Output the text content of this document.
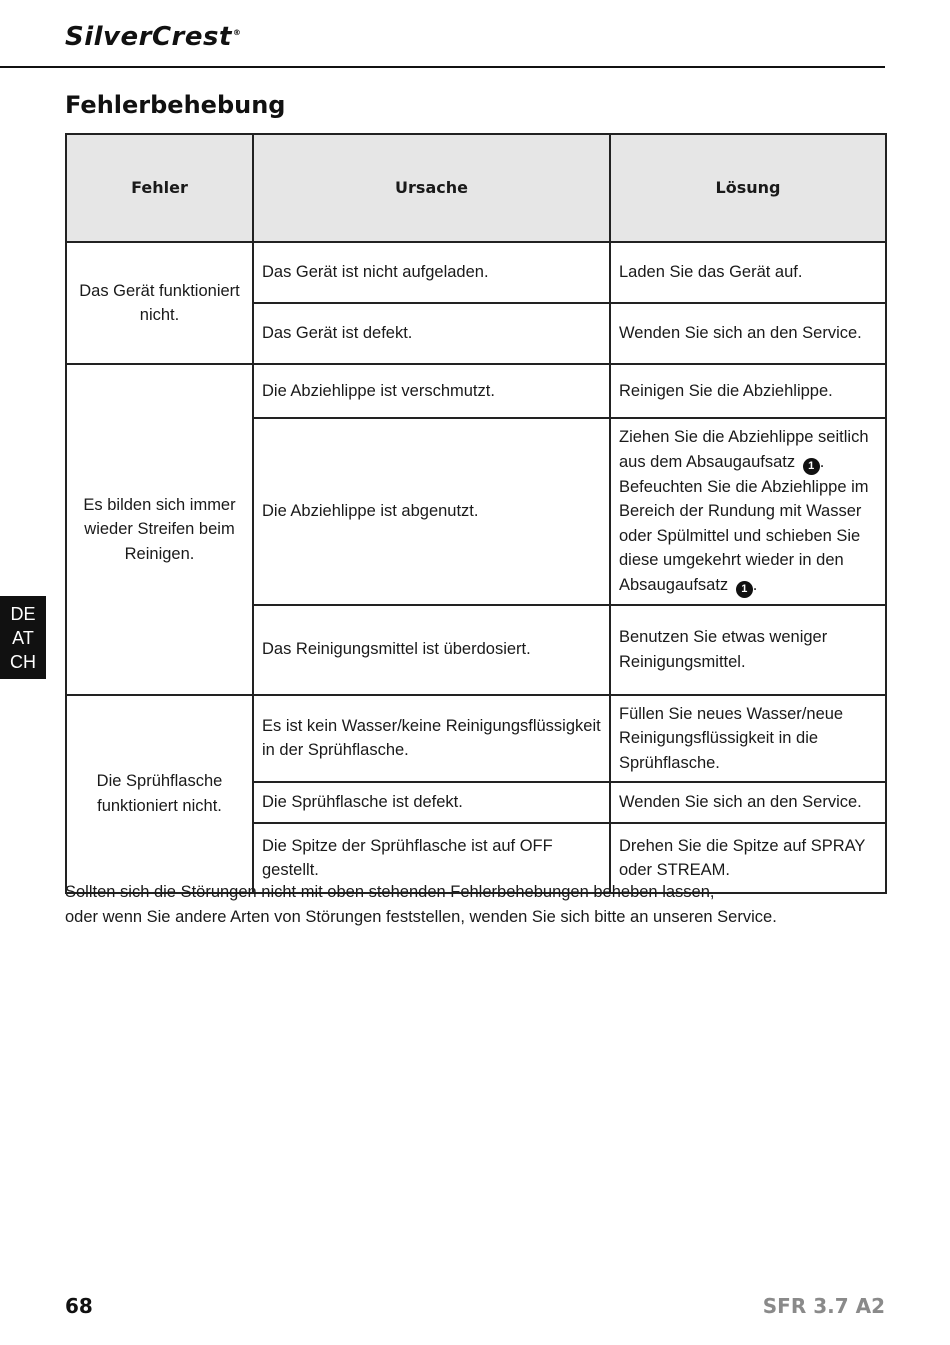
SilverCrest®
Fehlerbehebung
Fehler	Ursache	Lösung
Das Gerät funktioniert nicht.	Das Gerät ist nicht aufgeladen.	Laden Sie das Gerät auf.
	Das Gerät ist defekt.	Wenden Sie sich an den Service.
Es bilden sich immer wieder Streifen beim Reinigen.	Die Abziehlippe ist verschmutzt.	Reinigen Sie die Abziehlippe.
	Die Abziehlippe ist abgenutzt.	Ziehen Sie die Abziehlippe seitlich aus dem Absaugaufsatz 1 . Befeuchten Sie die Abziehlippe im Bereich der Rundung mit Wasser oder Spülmittel und schieben Sie diese umgekehrt wieder in den Absaugaufsatz 1 .
	Das Reinigungsmittel ist überdosiert.	Benutzen Sie etwas weniger Reinigungsmittel.
Die Sprühflasche funktioniert nicht.	Es ist kein Wasser/keine Reinigungsflüssigkeit in der Sprühflasche.	Füllen Sie neues Wasser/neue Reinigungsflüssigkeit in die Sprühflasche.
	Die Sprühflasche ist defekt.	Wenden Sie sich an den Service.
	Die Spitze der Sprühflasche ist auf OFF gestellt.	Drehen Sie die Spitze auf SPRAY oder STREAM.

Sollten sich die Störungen nicht mit oben stehenden Fehlerbehebungen beheben lassen,
oder wenn Sie andere Arten von Störungen feststellen, wenden Sie sich bitte an unseren Service.

DE
AT
CH
68	SFR 3.7 A2
